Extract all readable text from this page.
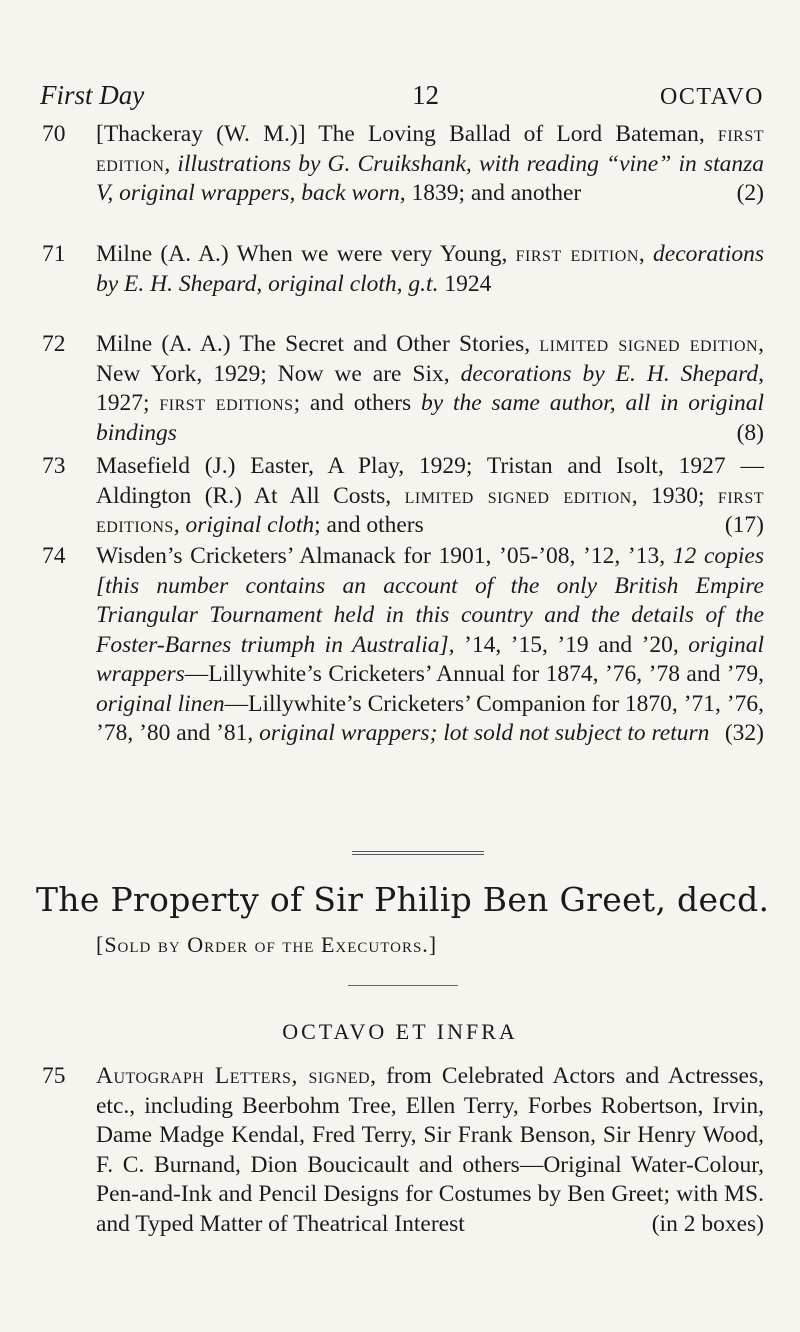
First Day	12	OCTAVO
70	[Thackeray (W. M.)] The Loving Ballad of Lord Bateman, first edition, illustrations by G. Cruikshank, with reading “vine” in stanza V, original wrappers, back worn, 1839; and another	(2)
71	Milne (A. A.) When we were very Young, first edition, decorations by E. H. Shepard, original cloth, g.t. 1924
72	Milne (A. A.) The Secret and Other Stories, limited signed edition, New York, 1929; Now we are Six, decorations by E. H. Shepard, 1927; first editions; and others by the same author, all in original bindings	(8)
73	Masefield (J.) Easter, A Play, 1929; Tristan and Isolt, 1927 —Aldington (R.) At All Costs, limited signed edition, 1930; first editions, original cloth; and others	(17)
74	Wisden’s Cricketers’ Almanack for 1901, ’05-’08, ’12, ’13, 12 copies [this number contains an account of the only British Empire Triangular Tournament held in this country and the details of the Foster-Barnes triumph in Australia], ’14, ’15, ’19 and ’20, original wrappers—Lillywhite’s Cricketers’ Annual for 1874, ’76, ’78 and ’79, original linen—Lillywhite’s Cricketers’ Companion for 1870, ’71, ’76, ’78, ’80 and ’81, original wrappers; lot sold not subject to return (32)
The Property of Sir Philip Ben Greet, decd.
[Sold by Order of the Executors.]
OCTAVO ET INFRA
75	Autograph Letters, signed, from Celebrated Actors and Actresses, etc., including Beerbohm Tree, Ellen Terry, Forbes Robertson, Irvin, Dame Madge Kendal, Fred Terry, Sir Frank Benson, Sir Henry Wood, F. C. Burnand, Dion Boucicault and others—Original Water-Colour, Pen-and-Ink and Pencil Designs for Costumes by Ben Greet; with MS. and Typed Matter of Theatrical Interest	(in 2 boxes)
